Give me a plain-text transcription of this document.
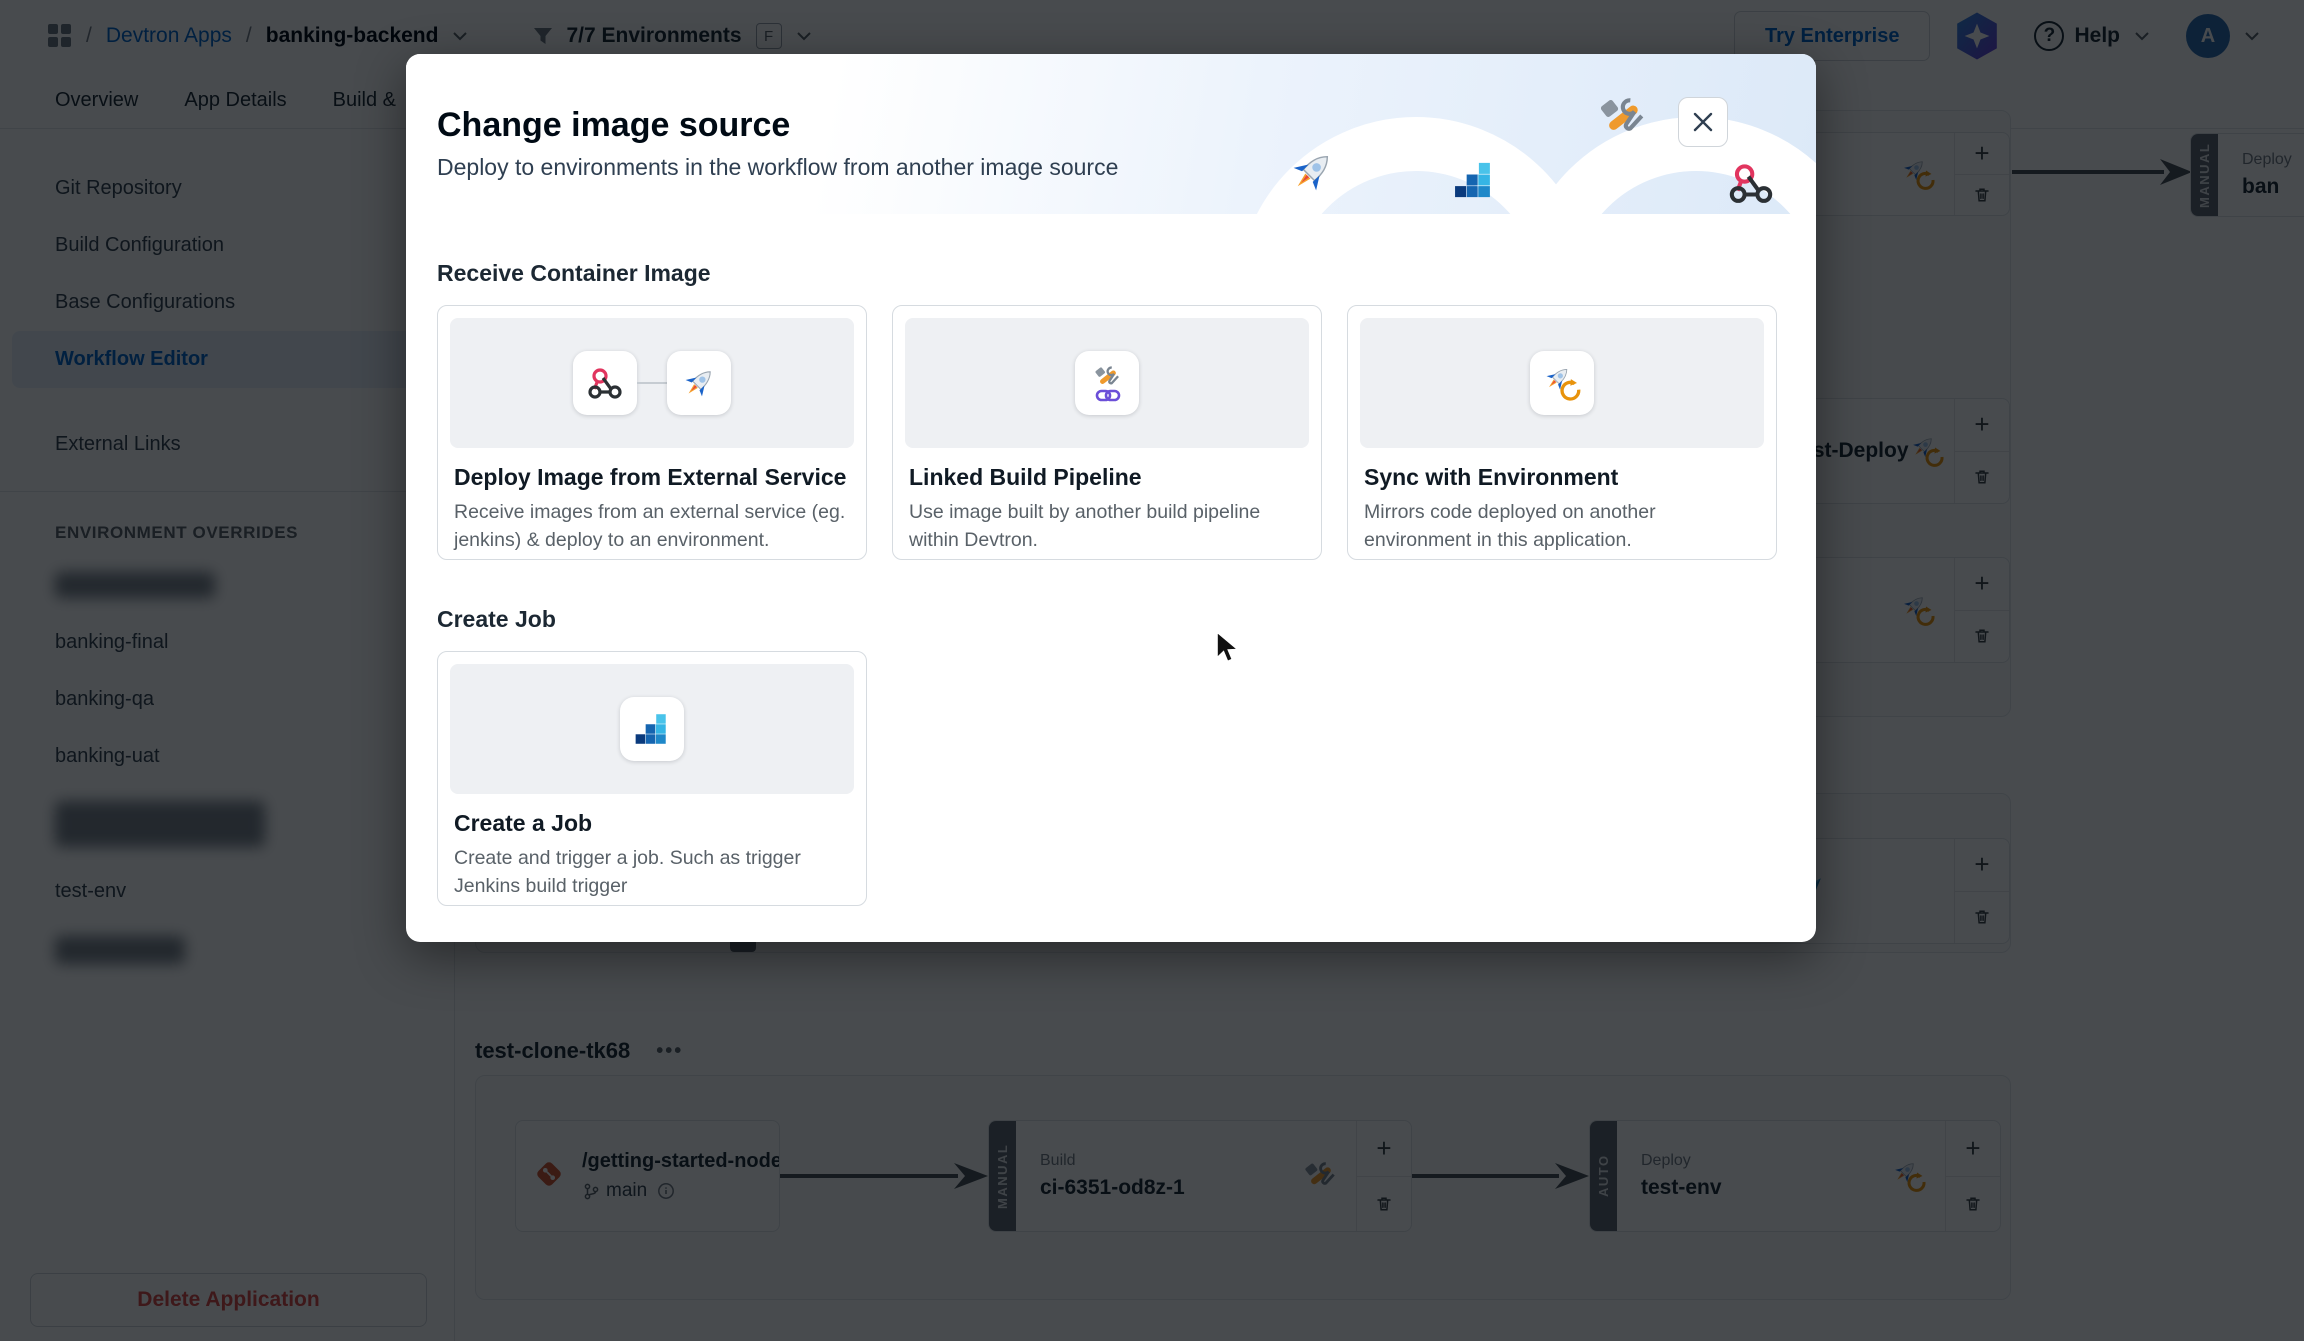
Change image source

Deploy to environments in the workflow from another image source

Receive Container Image
Deploy Image from External Service
Receive images from an external service (eg. jenkins) & deploy to an environment.
Linked Build Pipeline
Use image built by another build pipeline within Devtron.
Sync with Environment
Mirrors code deployed on another environment in this application.
Create Job
Create a Job
Create and trigger a job. Such as trigger Jenkins build trigger
